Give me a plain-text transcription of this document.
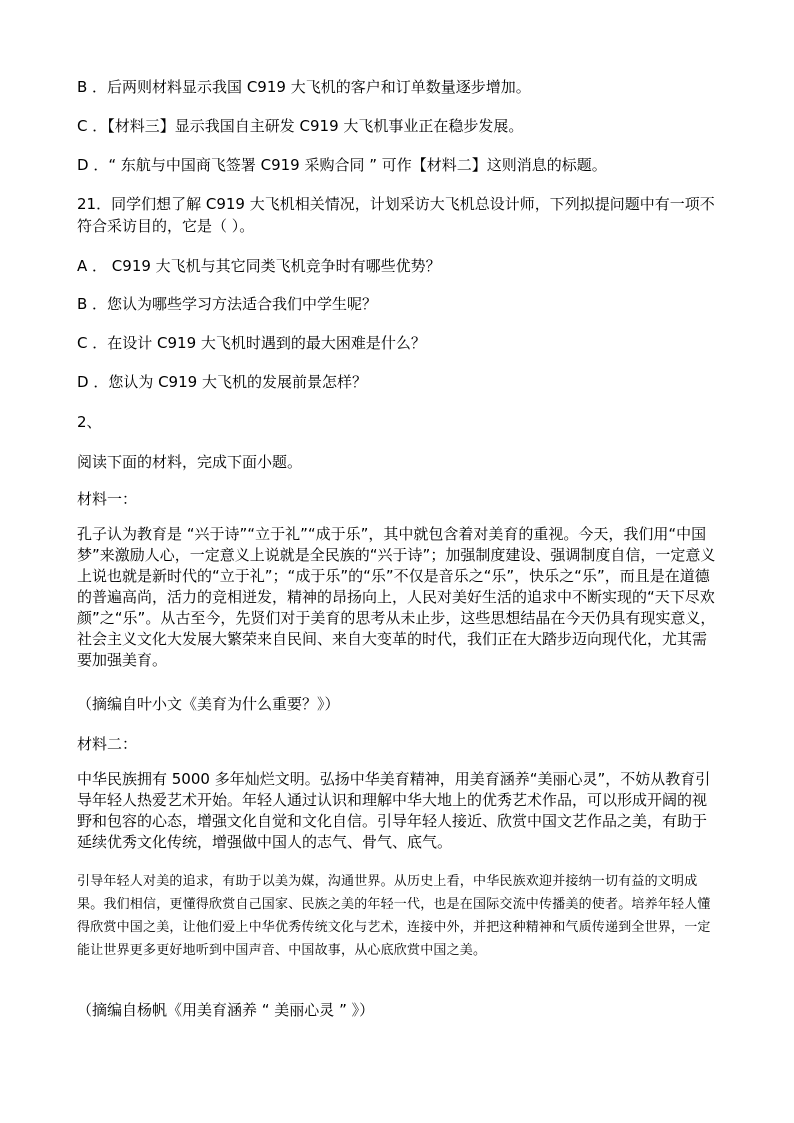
B ．后两则材料显示我国 C919 大飞机的客户和订单数量逐步增加。
C ．【材料三】显示我国自主研发 C919 大飞机事业正在稳步发展。
D ．“ 东航与中国商飞签署 C919 采购合同 ” 可作【材料二】这则消息的标题。
21．同学们想了解 C919 大飞机相关情况，计划采访大飞机总设计师，下列拟提问题中有一项不符合采访目的，它是（ ）。
A ． C919 大飞机与其它同类飞机竞争时有哪些优势？
B ．您认为哪些学习方法适合我们中学生呢？
C ．在设计 C919 大飞机时遇到的最大困难是什么？
D ．您认为 C919 大飞机的发展前景怎样？
2、
阅读下面的材料，完成下面小题。
材料一：
孔子认为教育是 “兴于诗”“立于礼”“成于乐”，其中就包含着对美育的重视。今天，我们用“中国梦”来激励人心，一定意义上说就是全民族的“兴于诗”；加强制度建设、强调制度自信，一定意义上说也就是新时代的“立于礼”；“成于乐”的“乐”不仅是音乐之“乐”，快乐之“乐”，而且是在道德的普遍高尚，活力的竞相迸发，精神的昂扬向上，人民对美好生活的追求中不断实现的“天下尽欢颜”之“乐”。从古至今，先贤们对于美育的思考从未止步，这些思想结晶在今天仍具有现实意义，社会主义文化大发展大繁荣来自民间、来自大变革的时代，我们正在大踏步迈向现代化，尤其需要加强美育。
（摘编自叶小文《美育为什么重要？》）
材料二：
中华民族拥有 5000 多年灿烂文明。弘扬中华美育精神，用美育涵养“美丽心灵”，不妨从教育引导年轻人热爱艺术开始。年轻人通过认识和理解中华大地上的优秀艺术作品，可以形成开阔的视野和包容的心态，增强文化自觉和文化自信。引导年轻人接近、欣赏中国文艺作品之美，有助于延续优秀文化传统，增强做中国人的志气、骨气、底气。
引导年轻人对美的追求，有助于以美为媒，沟通世界。从历史上看，中华民族欢迎并接纳一切有益的文明成果。我们相信，更懂得欣赏自己国家、民族之美的年轻一代，也是在国际交流中传播美的使者。培养年轻人懂得欣赏中国之美，让他们爱上中华优秀传统文化与艺术，连接中外，并把这种精神和气质传递到全世界，一定能让世界更多更好地听到中国声音、中国故事，从心底欣赏中国之美。
（摘编自杨帆《用美育涵养 “ 美丽心灵 ” 》）
